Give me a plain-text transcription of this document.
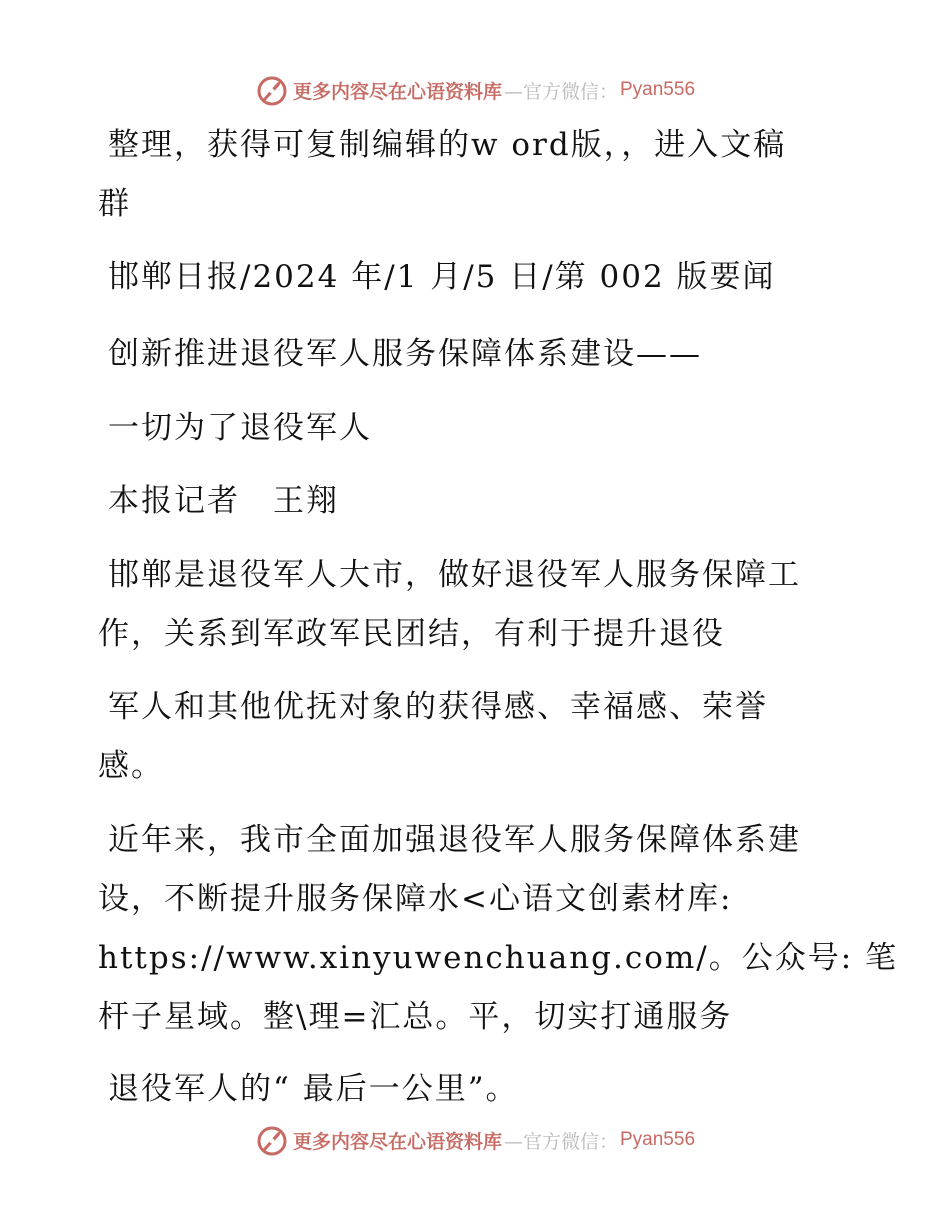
更多内容尽在心语资料库 —官方微信： Pyan556
整理，获得可复制编辑的w ord版，，进入文稿
群
邯郸日报/2024 年/1 月/5 日/第 002 版要闻
创新推进退役军人服务保障体系建设——
一切为了退役军人
本报记者　王翔
邯郸是退役军人大市，做好退役军人服务保障工
作，关系到军政军民团结，有利于提升退役
军人和其他优抚对象的获得感、幸福感、荣誉
感。
近年来，我市全面加强退役军人服务保障体系建
设，不断提升服务保障水<心语文创素材库:
https://www.xinyuwenchuang.com/。公众号: 笔
杆子星域。整\理=汇总。平，切实打通服务
退役军人的“ 最后一公里”。
更多内容尽在心语资料库 —官方微信： Pyan556
